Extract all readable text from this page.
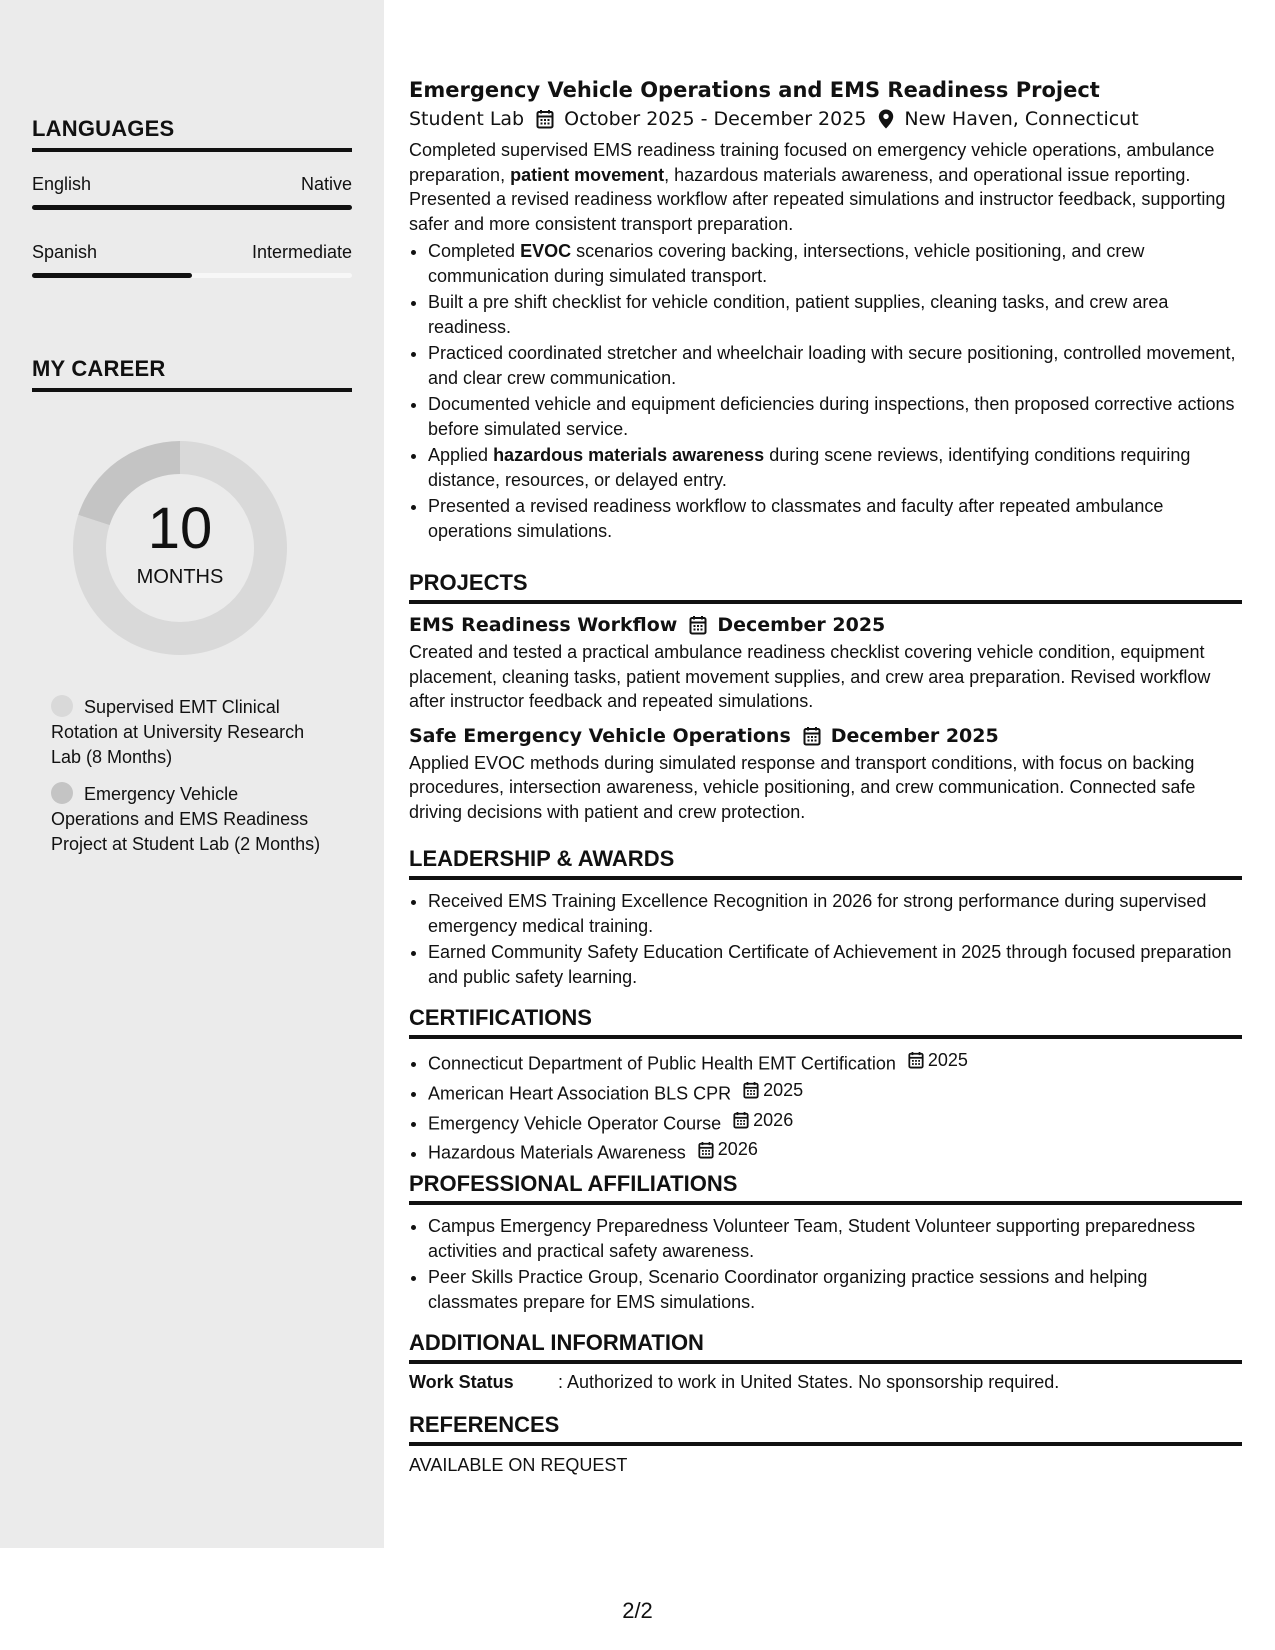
LANGUAGES
English	Native
Spanish	Intermediate
MY CAREER
10
MONTHS
Supervised EMT Clinical Rotation at University Research Lab (8 Months)
Emergency Vehicle Operations and EMS Readiness Project at Student Lab (2 Months)
Emergency Vehicle Operations and EMS Readiness Project
Student Lab October 2025 - December 2025 New Haven, Connecticut

Completed supervised EMS readiness training focused on emergency vehicle operations, ambulance preparation, patient movement, hazardous materials awareness, and operational issue reporting. Presented a revised readiness workflow after repeated simulations and instructor feedback, supporting safer and more consistent transport preparation.

• Completed EVOC scenarios covering backing, intersections, vehicle positioning, and crew communication during simulated transport.
• Built a pre shift checklist for vehicle condition, patient supplies, cleaning tasks, and crew area readiness.
• Practiced coordinated stretcher and wheelchair loading with secure positioning, controlled movement, and clear crew communication.
• Documented vehicle and equipment deficiencies during inspections, then proposed corrective actions before simulated service.
• Applied hazardous materials awareness during scene reviews, identifying conditions requiring distance, resources, or delayed entry.
• Presented a revised readiness workflow to classmates and faculty after repeated ambulance operations simulations.
PROJECTS
EMS Readiness Workflow December 2025

Created and tested a practical ambulance readiness checklist covering vehicle condition, equipment placement, cleaning tasks, patient movement supplies, and crew area preparation. Revised workflow after instructor feedback and repeated simulations.

Safe Emergency Vehicle Operations December 2025

Applied EVOC methods during simulated response and transport conditions, with focus on backing procedures, intersection awareness, vehicle positioning, and crew communication. Connected safe driving decisions with patient and crew protection.

LEADERSHIP & AWARDS
• Received EMS Training Excellence Recognition in 2026 for strong performance during supervised emergency medical training.
• Earned Community Safety Education Certificate of Achievement in 2025 through focused preparation and public safety learning.
CERTIFICATIONS
• Connecticut Department of Public Health EMT Certification 2025
• American Heart Association BLS CPR 2025
• Emergency Vehicle Operator Course 2026
• Hazardous Materials Awareness 2026
PROFESSIONAL AFFILIATIONS
• Campus Emergency Preparedness Volunteer Team, Student Volunteer supporting preparedness activities and practical safety awareness.
• Peer Skills Practice Group, Scenario Coordinator organizing practice sessions and helping classmates prepare for EMS simulations.
ADDITIONAL INFORMATION
Work Status	: Authorized to work in United States. No sponsorship required.
REFERENCES
AVAILABLE ON REQUEST
2/2
